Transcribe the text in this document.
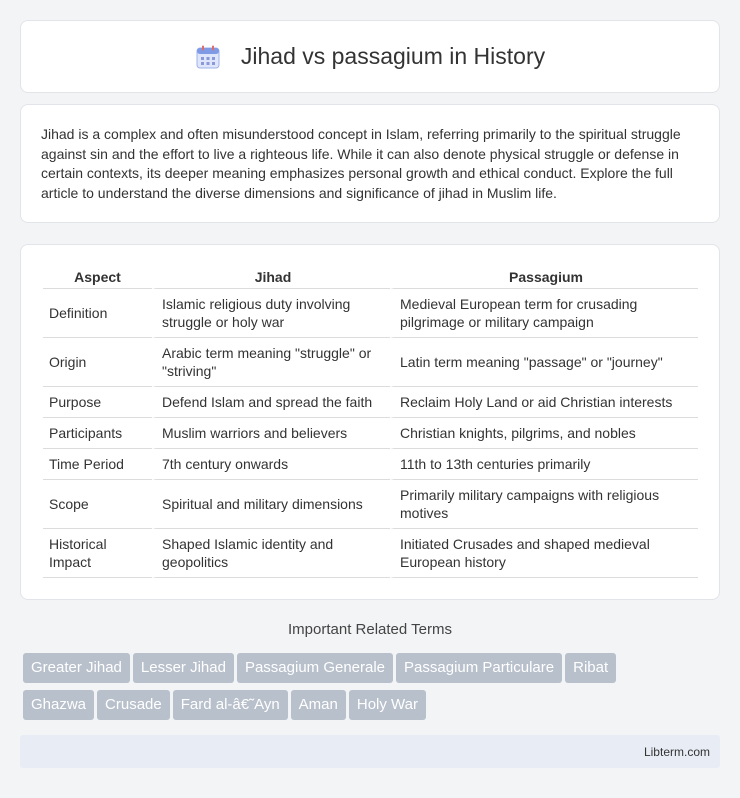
Jihad vs passagium in History

Jihad is a complex and often misunderstood concept in Islam, referring primarily to the spiritual struggle against sin and the effort to live a righteous life. While it can also denote physical struggle or defense in certain contexts, its deeper meaning emphasizes personal growth and ethical conduct. Explore the full article to understand the diverse dimensions and significance of jihad in Muslim life.

Aspect	Jihad	Passagium
Definition	Islamic religious duty involving struggle or holy war	Medieval European term for crusading pilgrimage or military campaign
Origin	Arabic term meaning "struggle" or "striving"	Latin term meaning "passage" or "journey"
Purpose	Defend Islam and spread the faith	Reclaim Holy Land or aid Christian interests
Participants	Muslim warriors and believers	Christian knights, pilgrims, and nobles
Time Period	7th century onwards	11th to 13th centuries primarily
Scope	Spiritual and military dimensions	Primarily military campaigns with religious motives
Historical Impact	Shaped Islamic identity and geopolitics	Initiated Crusades and shaped medieval European history
Important Related Terms
Greater Jihad Lesser Jihad Passagium Generale Passagium Particulare Ribat
Ghazwa Crusade Fard al-â€˜Ayn Aman Holy War
Libterm.com
